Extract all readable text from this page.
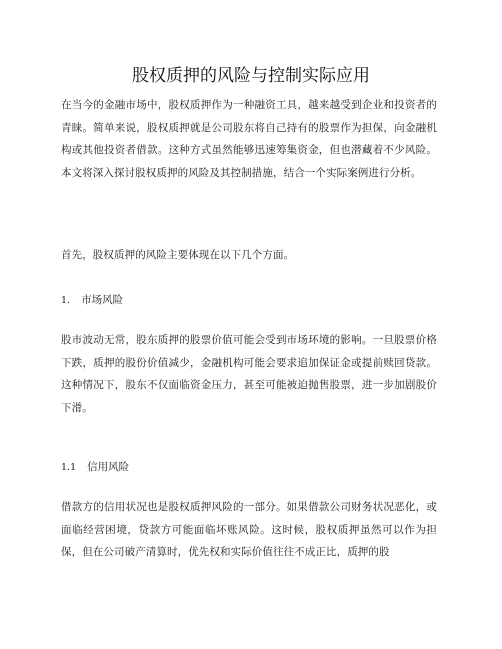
股权质押的风险与控制实际应用

在当今的金融市场中，股权质押作为一种融资工具，越来越受到企业和投资者的青睐。简单来说，股权质押就是公司股东将自己持有的股票作为担保，向金融机构或其他投资者借款。这种方式虽然能够迅速筹集资金，但也潜藏着不少风险。本文将深入探讨股权质押的风险及其控制措施，结合一个实际案例进行分析。

首先，股权质押的风险主要体现在以下几个方面。

1. 市场风险

股市波动无常，股东质押的股票价值可能会受到市场环境的影响。一旦股票价格下跌，质押的股份价值减少，金融机构可能会要求追加保证金或提前赎回贷款。这种情况下，股东不仅面临资金压力，甚至可能被迫抛售股票，进一步加剧股价下滑。

1.1 信用风险

借款方的信用状况也是股权质押风险的一部分。如果借款公司财务状况恶化，或面临经营困境，贷款方可能面临坏账风险。这时候，股权质押虽然可以作为担保，但在公司破产清算时，优先权和实际价值往往不成正比，质押的股
